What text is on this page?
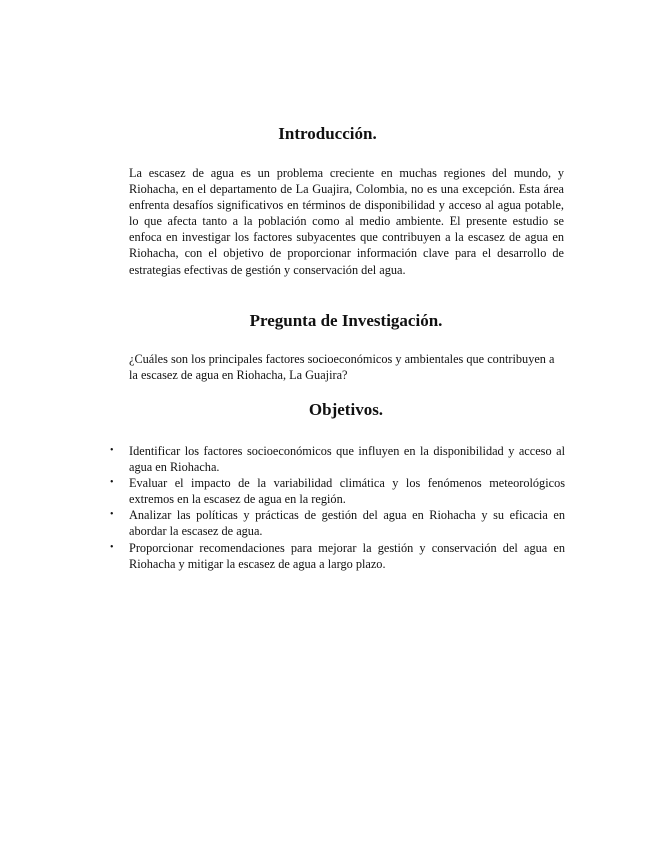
Introducción.

La escasez de agua es un problema creciente en muchas regiones del mundo, y Riohacha, en el departamento de La Guajira, Colombia, no es una excepción. Esta área enfrenta desafíos significativos en términos de disponibilidad y acceso al agua potable, lo que afecta tanto a la población como al medio ambiente. El presente estudio se enfoca en investigar los factores subyacentes que contribuyen a la escasez de agua en Riohacha, con el objetivo de proporcionar información clave para el desarrollo de estrategias efectivas de gestión y conservación del agua.

Pregunta de Investigación.

¿Cuáles son los principales factores socioeconómicos y ambientales que contribuyen a la escasez de agua en Riohacha, La Guajira?

Objetivos.
•	Identificar los factores socioeconómicos que influyen en la disponibilidad y acceso al agua en Riohacha.
•	Evaluar el impacto de la variabilidad climática y los fenómenos meteorológicos extremos en la escasez de agua en la región.
•	Analizar las políticas y prácticas de gestión del agua en Riohacha y su eficacia en abordar la escasez de agua.
•	Proporcionar recomendaciones para mejorar la gestión y conservación del agua en Riohacha y mitigar la escasez de agua a largo plazo.
